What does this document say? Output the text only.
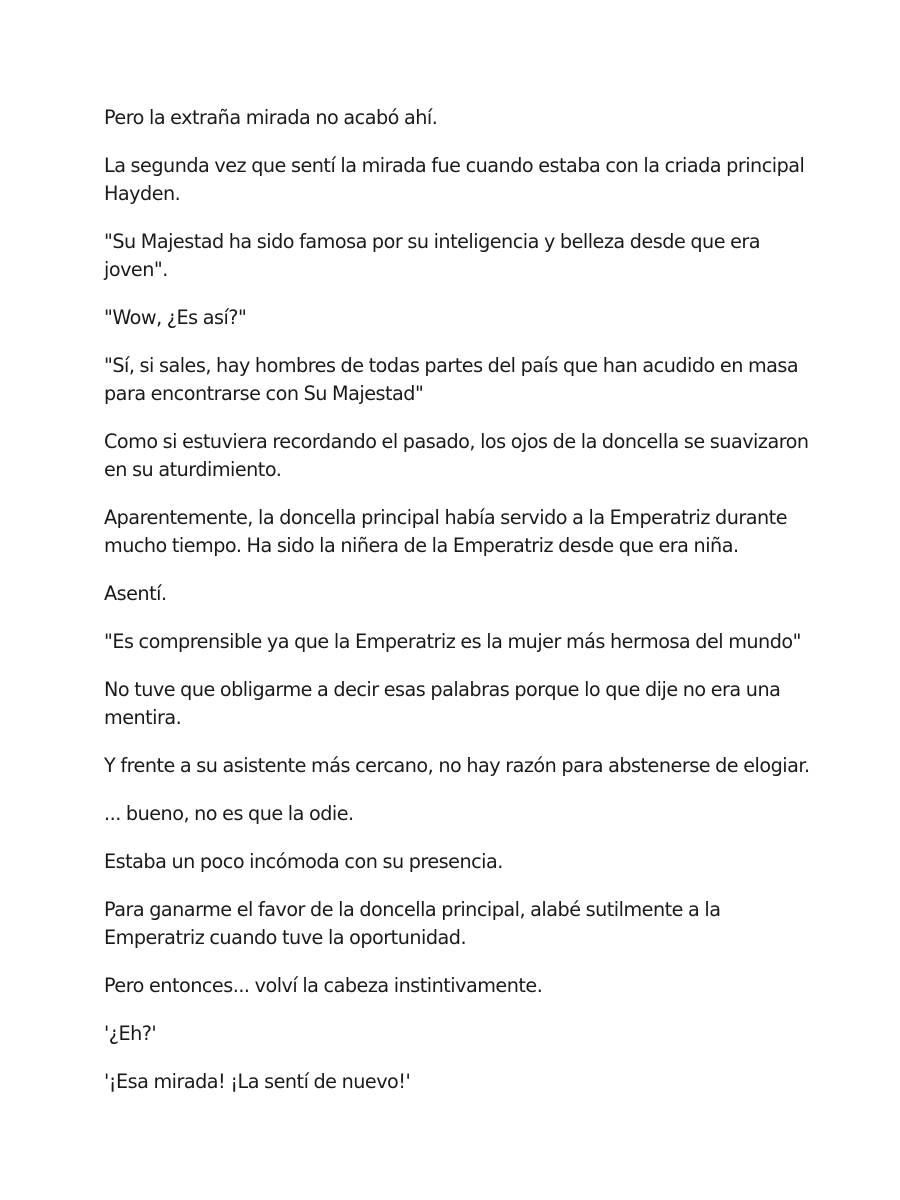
Pero la extraña mirada no acabó ahí.

La segunda vez que sentí la mirada fue cuando estaba con la criada principal Hayden.

"Su Majestad ha sido famosa por su inteligencia y belleza desde que era joven".

"Wow, ¿Es así?"

"Sí, si sales, hay hombres de todas partes del país que han acudido en masa para encontrarse con Su Majestad"

Como si estuviera recordando el pasado, los ojos de la doncella se suavizaron en su aturdimiento.

Aparentemente, la doncella principal había servido a la Emperatriz durante mucho tiempo. Ha sido la niñera de la Emperatriz desde que era niña.

Asentí.

"Es comprensible ya que la Emperatriz es la mujer más hermosa del mundo"

No tuve que obligarme a decir esas palabras porque lo que dije no era una mentira.

Y frente a su asistente más cercano, no hay razón para abstenerse de elogiar.

... bueno, no es que la odie.

Estaba un poco incómoda con su presencia.

Para ganarme el favor de la doncella principal, alabé sutilmente a la Emperatriz cuando tuve la oportunidad.

Pero entonces... volví la cabeza instintivamente.

'¿Eh?'

'¡Esa mirada! ¡La sentí de nuevo!'
